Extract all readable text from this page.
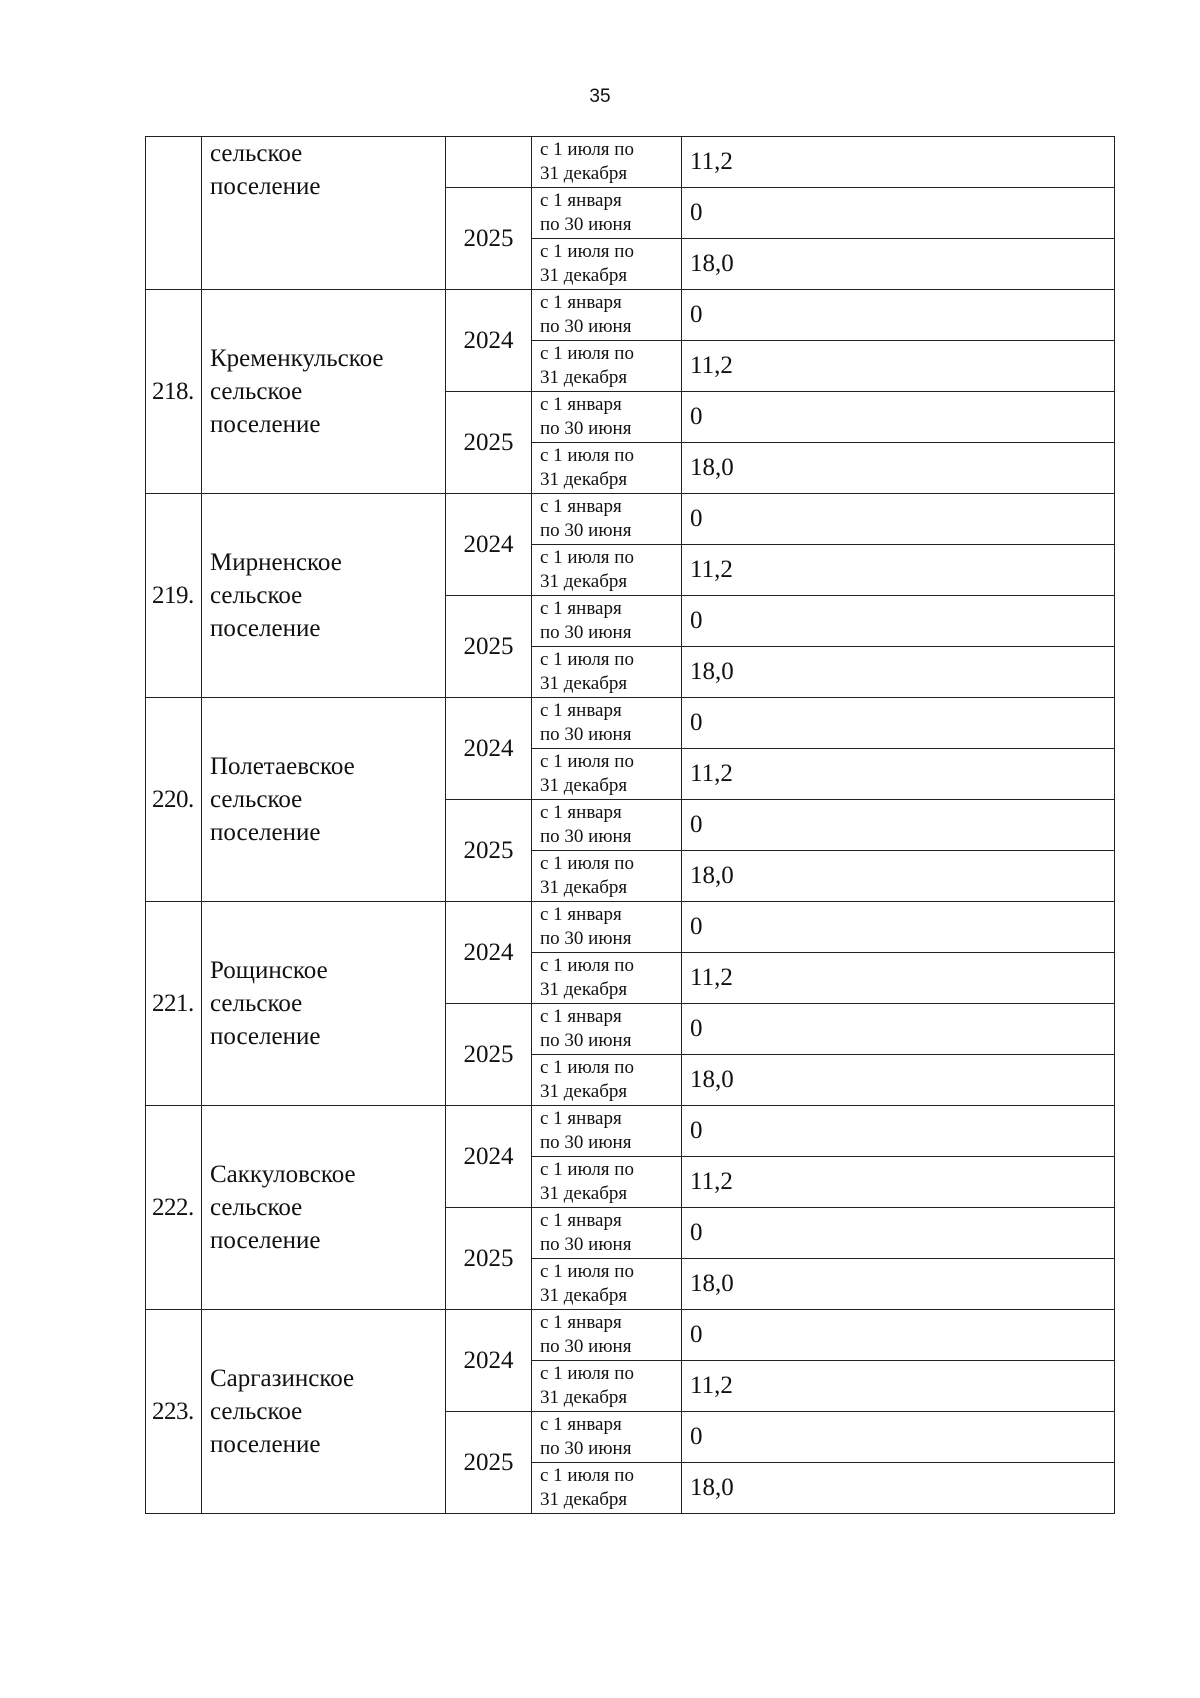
35

	сельское
поселение		с 1 июля по
31 декабря	11,2
		2025	с 1 января
по 30 июня	0

			с 1 июля по
31 декабря	18,0
218.	Кременкульское
сельское
поселение	2024	с 1 января
по 30 июня	0

			с 1 июля по
31 декабря	11,2
		2025	с 1 января
по 30 июня	0

			с 1 июля по
31 декабря	18,0
219.	Мирненское
сельское
поселение	2024	с 1 января
по 30 июня	0

			с 1 июля по
31 декабря	11,2
		2025	с 1 января
по 30 июня	0

			с 1 июля по
31 декабря	18,0
220.	Полетаевское
сельское
поселение	2024	с 1 января
по 30 июня	0

			с 1 июля по
31 декабря	11,2
		2025	с 1 января
по 30 июня	0

			с 1 июля по
31 декабря	18,0
221.	Рощинское
сельское
поселение	2024	с 1 января
по 30 июня	0

			с 1 июля по
31 декабря	11,2
		2025	с 1 января
по 30 июня	0

			с 1 июля по
31 декабря	18,0
222.	Саккуловское
сельское
поселение	2024	с 1 января
по 30 июня	0

			с 1 июля по
31 декабря	11,2
		2025	с 1 января
по 30 июня	0

			с 1 июля по
31 декабря	18,0
223.	Саргазинское
сельское
поселение	2024	с 1 января
по 30 июня	0

			с 1 июля по
31 декабря	11,2
		2025	с 1 января
по 30 июня	0

			с 1 июля по
31 декабря	18,0
